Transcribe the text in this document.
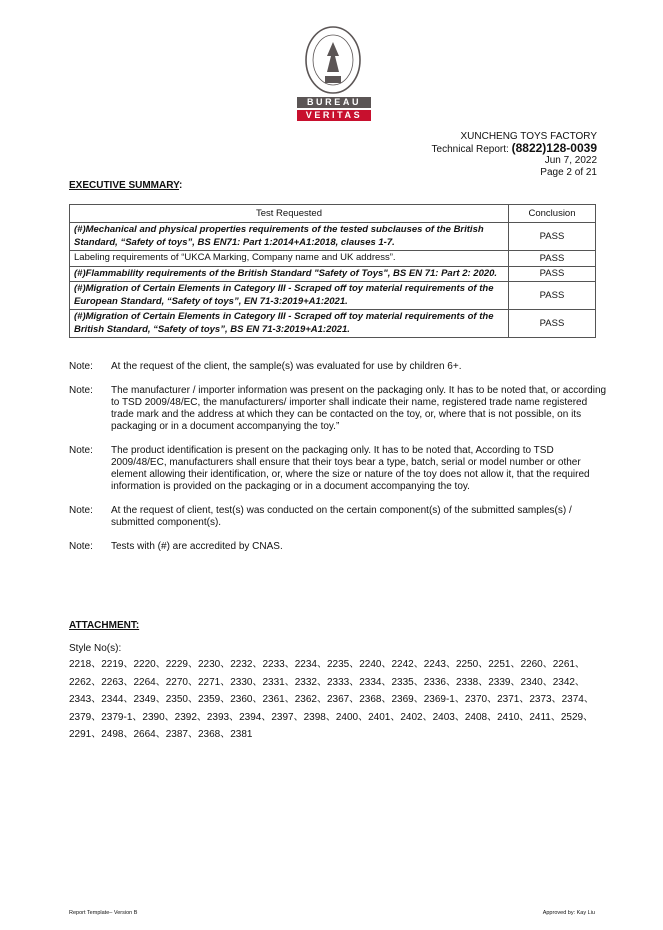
BUREAU
VERITAS
XUNCHENG TOYS FACTORY
Technical Report: (8822)128-0039
Jun 7, 2022
Page 2 of 21
EXECUTIVE SUMMARY:
Test Requested	Conclusion
(#)Mechanical and physical properties requirements of the tested subclauses of the British Standard, “Safety of toys”, BS EN71: Part 1:2014+A1:2018, clauses 1-7.	PASS
Labeling requirements of “UKCA Marking, Company name and UK address”.	PASS
(#)Flammability requirements of the British Standard "Safety of Toys", BS EN 71: Part 2: 2020.	PASS
(#)Migration of Certain Elements in Category III - Scraped off toy material requirements of the European Standard, “Safety of toys”, EN 71-3:2019+A1:2021.	PASS
(#)Migration of Certain Elements in Category III - Scraped off toy material requirements of the British Standard, “Safety of toys”, BS EN 71-3:2019+A1:2021.	PASS
Note:	At the request of the client, the sample(s) was evaluated for use by children 6+.
Note:	The manufacturer / importer information was present on the packaging only. It has to be noted that, or according to TSD 2009/48/EC, the manufacturers/ importer shall indicate their name, registered trade name registered trade mark and the address at which they can be contacted on the toy, or, where that is not possible, on its packaging or in a document accompanying the toy.”
Note:	The product identification is present on the packaging only. It has to be noted that, According to TSD 2009/48/EC, manufacturers shall ensure that their toys bear a type, batch, serial or model number or other element allowing their identification, or, where the size or nature of the toy does not allow it, that the required information is provided on the packaging or in a document accompanying the toy.
Note:	At the request of client, test(s) was conducted on the certain component(s) of the submitted samples(s) / submitted component(s).
Note:	Tests with (#) are accredited by CNAS.
ATTACHMENT:
Style No(s):
2218、2219、2220、2229、2230、2232、2233、2234、2235、2240、2242、2243、2250、2251、2260、2261、2262、2263、2264、2270、2271、2330、2331、2332、2333、2334、2335、2336、2338、2339、2340、2342、2343、2344、2349、2350、2359、2360、2361、2362、2367、2368、2369、2369-1、2370、2371、2373、2374、2379、2379-1、2390、2392、2393、2394、2397、2398、2400、2401、2402、2403、2408、2410、2411、2529、2291、2498、2664、2387、2368、2381
Report Template– Version B	Approved by: Kay Liu
